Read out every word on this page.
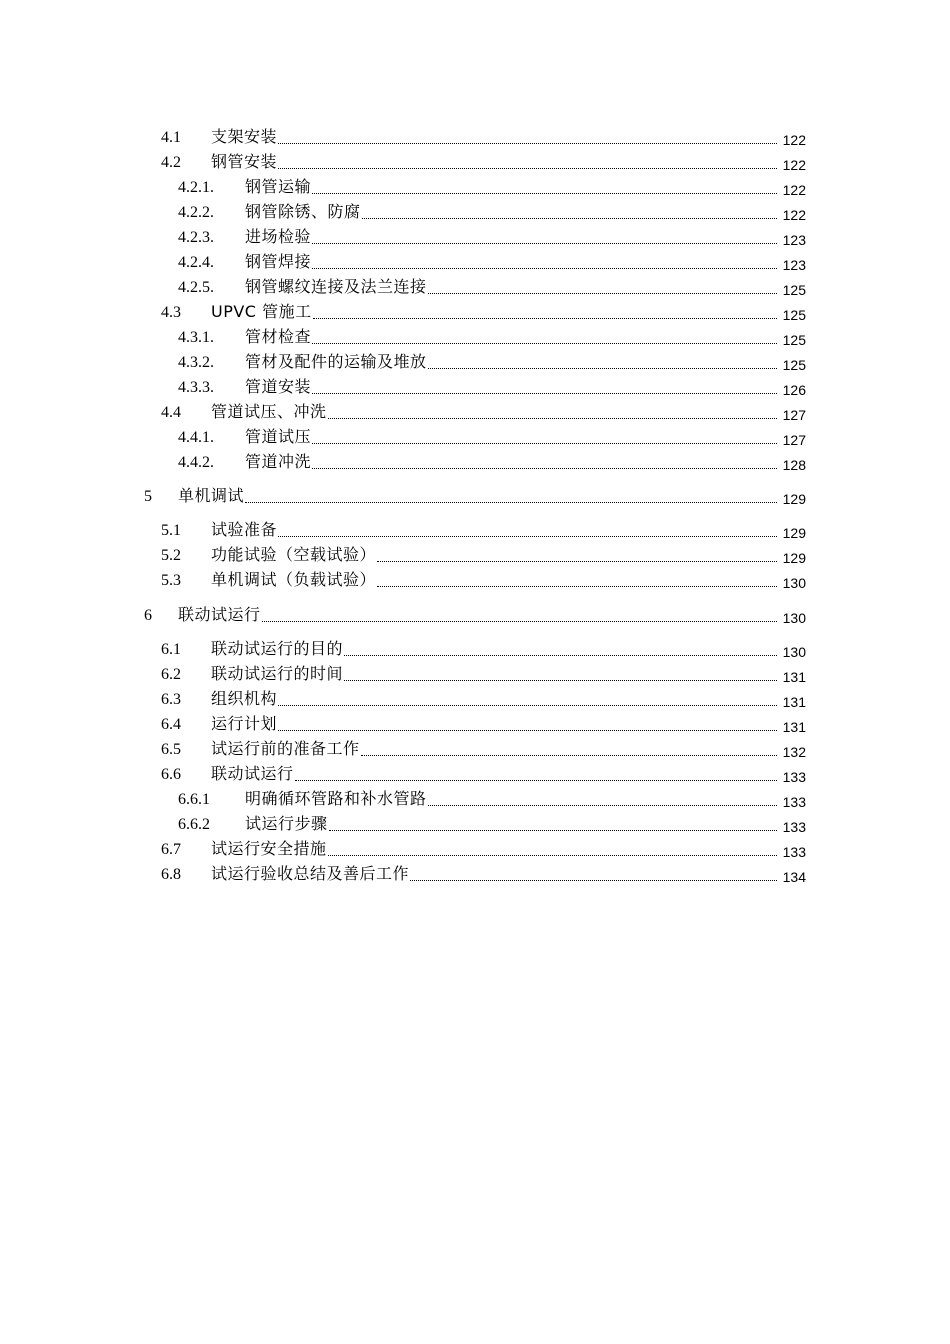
4.1 支架安装	122
4.2 钢管安装	122
4.2.1. 钢管运输	122
4.2.2. 钢管除锈、防腐	122
4.2.3. 进场检验	123
4.2.4. 钢管焊接	123
4.2.5. 钢管螺纹连接及法兰连接	125
4.3 UPVC 管施工	125
4.3.1. 管材检查	125
4.3.2. 管材及配件的运输及堆放	125
4.3.3. 管道安装	126
4.4 管道试压、冲洗	127
4.4.1. 管道试压	127
4.4.2. 管道冲洗	128
5 单机调试	129
5.1 试验准备	129
5.2 功能试验（空载试验）	129
5.3 单机调试（负载试验）	130
6 联动试运行	130
6.1 联动试运行的目的	130
6.2 联动试运行的时间	131
6.3 组织机构	131
6.4 运行计划	131
6.5 试运行前的准备工作	132
6.6 联动试运行	133
6.6.1 明确循环管路和补水管路	133
6.6.2 试运行步骤	133
6.7 试运行安全措施	133
6.8 试运行验收总结及善后工作	134
